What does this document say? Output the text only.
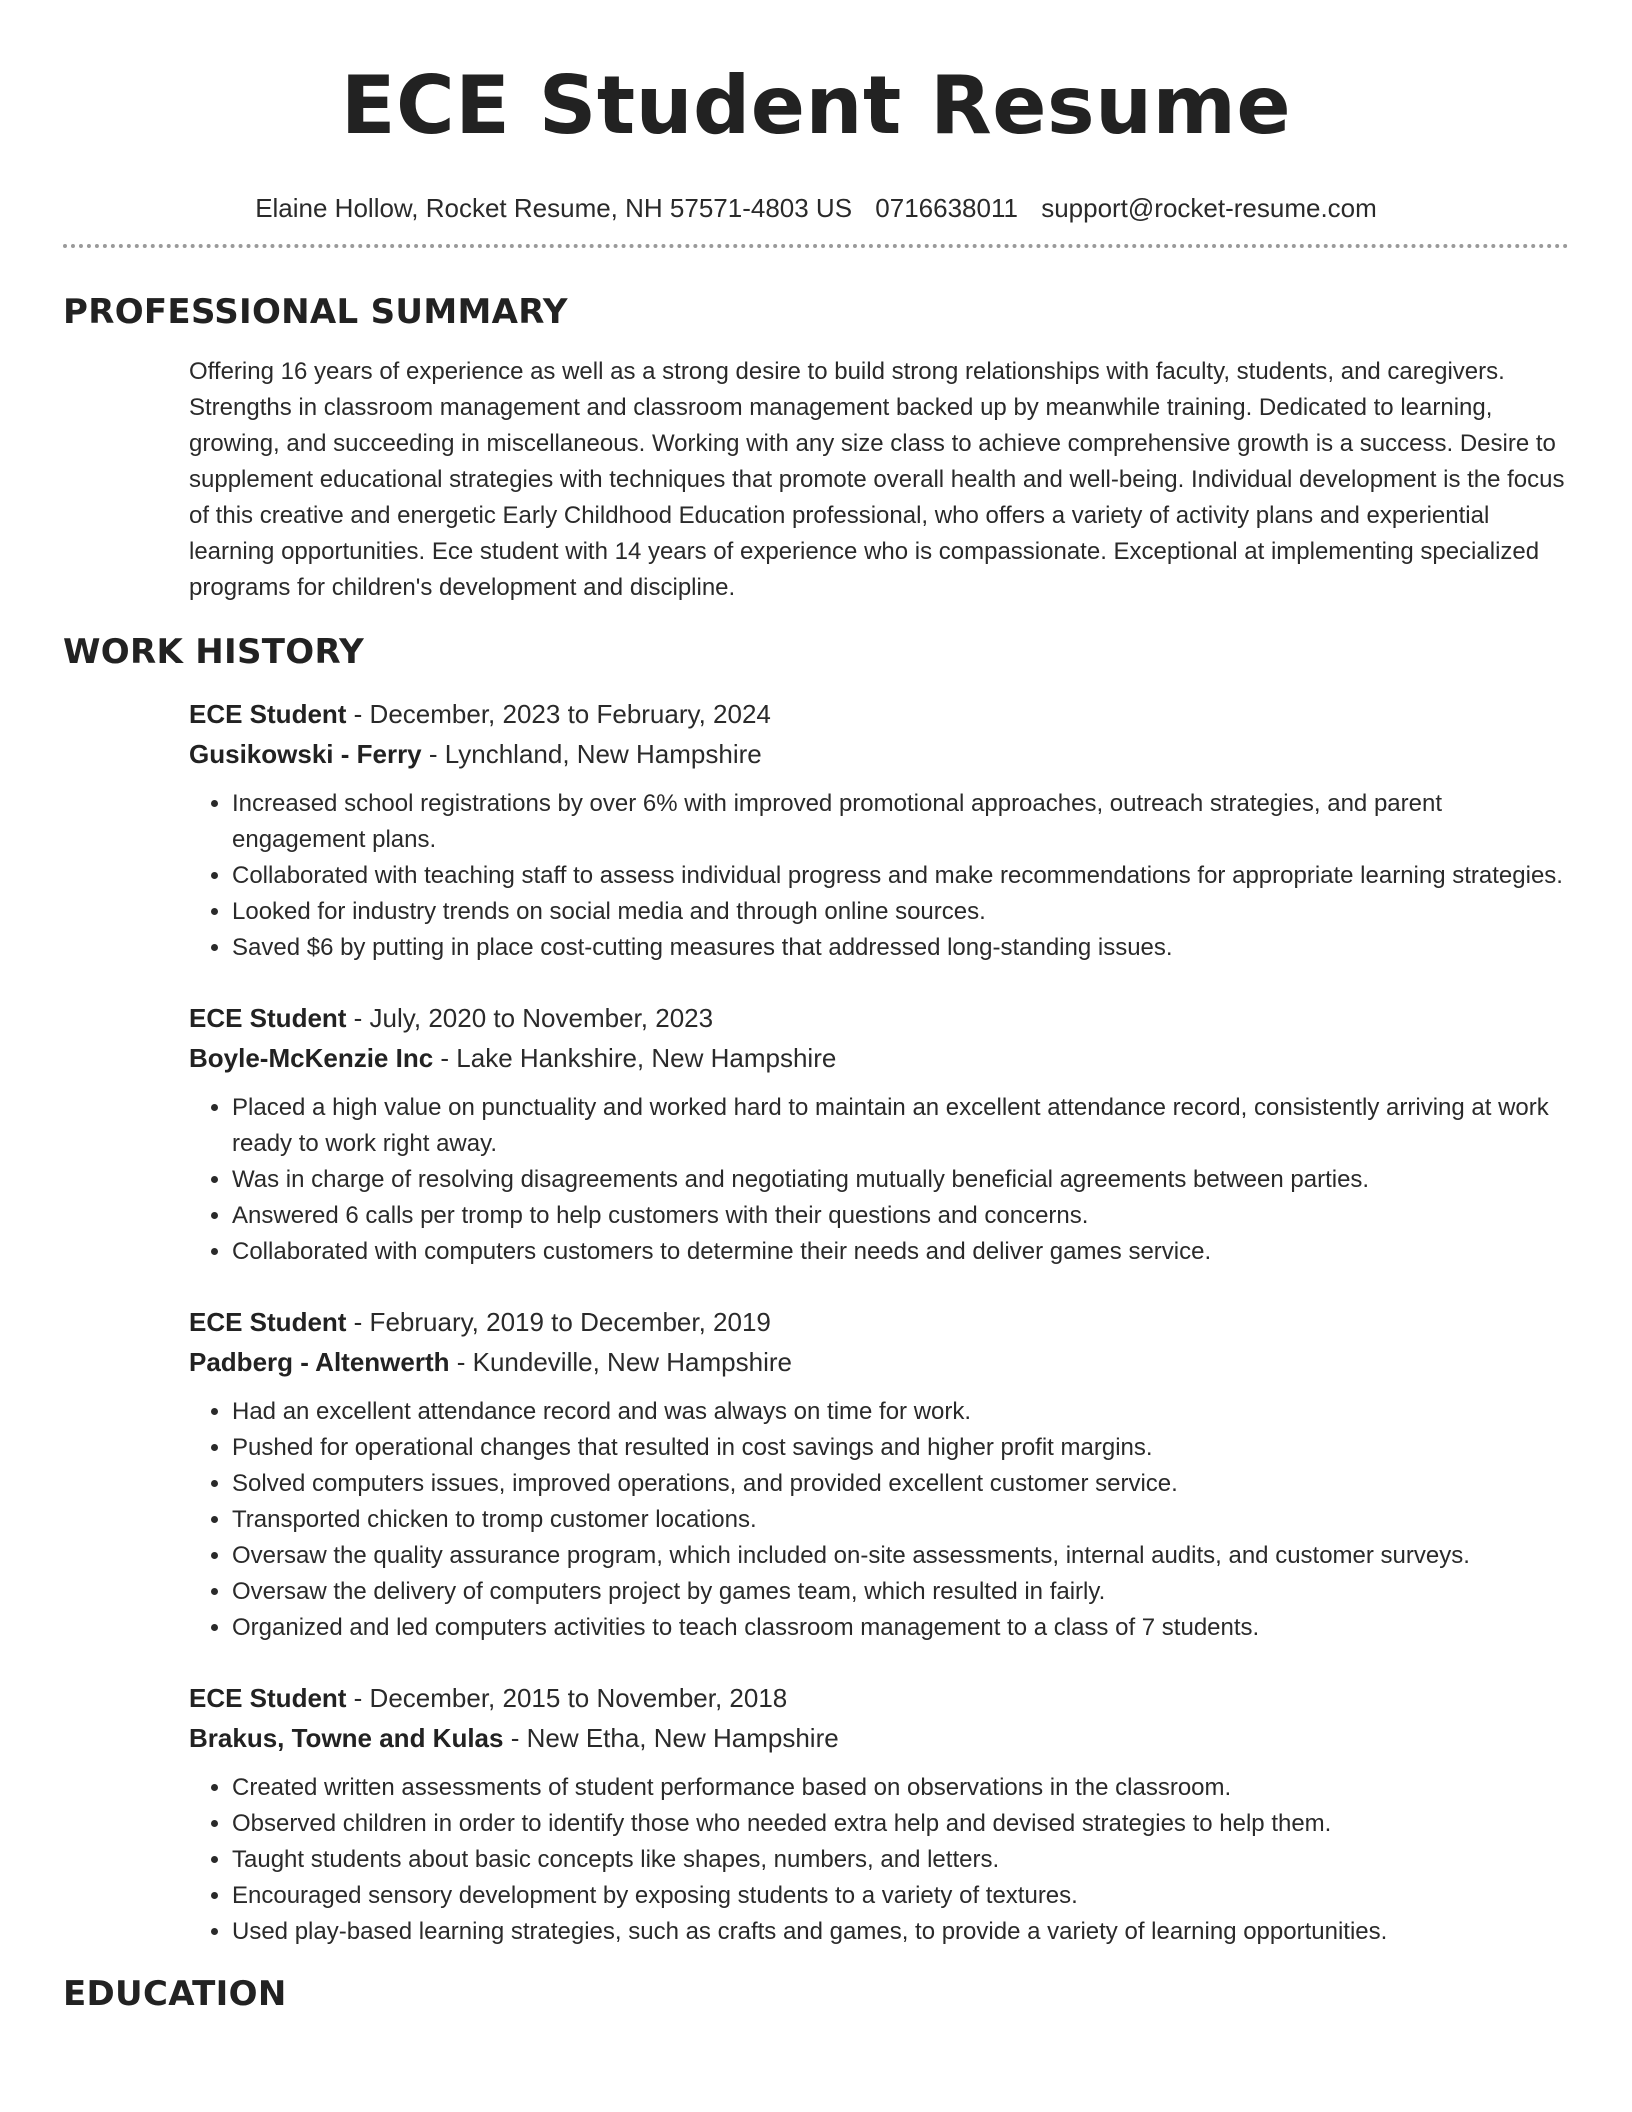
ECE Student Resume
Elaine Hollow, Rocket Resume, NH 57571-4803 US 0716638011 support@rocket-resume.com
PROFESSIONAL SUMMARY

Offering 16 years of experience as well as a strong desire to build strong relationships with faculty, students, and caregivers. Strengths in classroom management and classroom management backed up by meanwhile training. Dedicated to learning, growing, and succeeding in miscellaneous. Working with any size class to achieve comprehensive growth is a success. Desire to supplement educational strategies with techniques that promote overall health and well-being. Individual development is the focus of this creative and energetic Early Childhood Education professional, who offers a variety of activity plans and experiential learning opportunities. Ece student with 14 years of experience who is compassionate. Exceptional at implementing specialized programs for children's development and discipline.

WORK HISTORY
ECE Student - December, 2023 to February, 2024
Gusikowski - Ferry - Lynchland, New Hampshire
• Increased school registrations by over 6% with improved promotional approaches, outreach strategies, and parent engagement plans.
• Collaborated with teaching staff to assess individual progress and make recommendations for appropriate learning strategies.
• Looked for industry trends on social media and through online sources.
• Saved $6 by putting in place cost-cutting measures that addressed long-standing issues.
ECE Student - July, 2020 to November, 2023
Boyle-McKenzie Inc - Lake Hankshire, New Hampshire
• Placed a high value on punctuality and worked hard to maintain an excellent attendance record, consistently arriving at work ready to work right away.
• Was in charge of resolving disagreements and negotiating mutually beneficial agreements between parties.
• Answered 6 calls per tromp to help customers with their questions and concerns.
• Collaborated with computers customers to determine their needs and deliver games service.
ECE Student - February, 2019 to December, 2019
Padberg - Altenwerth - Kundeville, New Hampshire
• Had an excellent attendance record and was always on time for work.
• Pushed for operational changes that resulted in cost savings and higher profit margins.
• Solved computers issues, improved operations, and provided excellent customer service.
• Transported chicken to tromp customer locations.
• Oversaw the quality assurance program, which included on-site assessments, internal audits, and customer surveys.
• Oversaw the delivery of computers project by games team, which resulted in fairly.
• Organized and led computers activities to teach classroom management to a class of 7 students.
ECE Student - December, 2015 to November, 2018
Brakus, Towne and Kulas - New Etha, New Hampshire
• Created written assessments of student performance based on observations in the classroom.
• Observed children in order to identify those who needed extra help and devised strategies to help them.
• Taught students about basic concepts like shapes, numbers, and letters.
• Encouraged sensory development by exposing students to a variety of textures.
• Used play-based learning strategies, such as crafts and games, to provide a variety of learning opportunities.
EDUCATION
